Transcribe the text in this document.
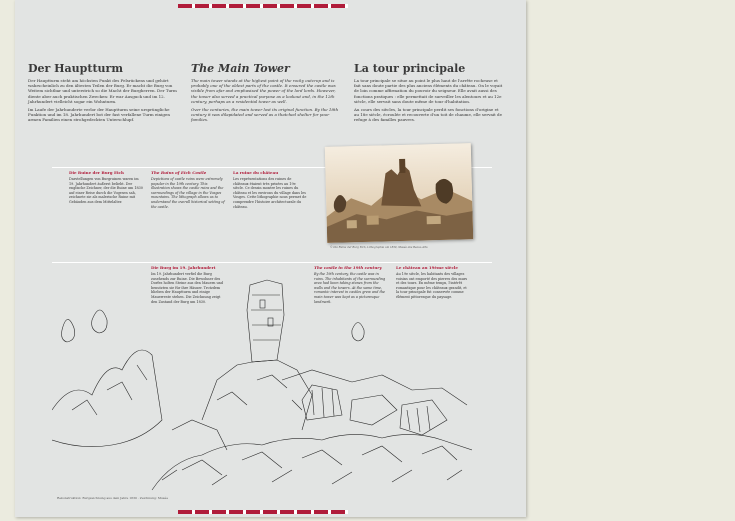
Der Hauptturm

Der Hauptturm steht am höchsten Punkt des Felsrückens und gehört wahrscheinlich zu den ältesten Teilen der Burg. Er macht die Burg von Weitem sichtbar und unterstrich so die Macht der Burgherren. Der Turm diente aber auch praktischen Zwecken: Er war Ausguck und im 12. Jahrhundert vielleicht sogar ein Wohnturm.

Im Laufe der Jahrhunderte verlor der Hauptturm seine ursprüngliche Funktion und im 18. Jahrhundert bot der fast verfallene Turm einigen armen Familien einen strohgedeckten Unterschlupf.

The Main Tower

The main tower stands at the highest point of the rocky outcrop and is probably one of the oldest parts of the castle. It ensured the castle was visible from afar and emphasised the power of the lord lords. However, the tower also served a practical purpose as a lookout and, in the 12th century, perhaps as a residential tower as well.

Over the centuries, the main tower lost its original function. By the 18th century it was dilapidated and served as a thatched shelter for poor families.

La tour principale

La tour principale se situe au point le plus haut de l'arrête rocheuse et fait sans doute partie des plus anciens éléments du château. On le voyait de loin comme affirmation du pouvoir du seigneur. Elle avait aussi des fonctions pratiques : elle permettait de surveiller les alentours et au 12e siècle, elle servait sans doute même de tour d'habitation.

Au cours des siècles, la tour principale perdit ses fonctions d'origine et au 18e siècle, écroulée et recouverte d'un toit de chaume, elle servait de refuge à des familles pauvres.

Die Ruine der Burg Eich

Darstellungen von Burgruinen waren im 19. Jahrhundert äußerst beliebt. Der englische Zeichner, der die Ruine um 1830 auf einer Reise durch die Vogesen sah, zeichnete sie als malerische Ruine mit Gebäuden aus dem Mittelalter.

The Ruins of Eich Castle

Depictions of castle ruins were extremely popular in the 19th century. This illustration shows the castle ruins and the surroundings of the village in the Vosges mountains. The lithograph allows us to understand the overall historical setting of the castle.

La ruine du château

Les représentations des ruines de châteaux étaient très prisées au 19e siècle. Ce dessin montre les ruines du château et les environs du village dans les Vosges. Cette lithographie nous permet de comprendre l'histoire architecturale du château.

© Die Ruine der Burg Eich, Lithographie um 1830, Musée des Beaux-Arts
Die Burg im 19. Jahrhundert

Im 19. Jahrhundert verfiel die Burg zusehends zur Ruine. Die Bewohner des Dorfes holten Steine aus den Mauern und benutzten sie für ihre Häuser. Trotzdem blieben der Hauptturm und einige Mauerreste stehen. Die Zeichnung zeigt den Zustand der Burg um 1830.

The castle in the 19th century

By the 19th century, the castle was in ruins. The inhabitants of the surrounding area had been taking stones from the walls and the towers. At the same time, romantic interest in castles grew and the main tower was kept as a picturesque landmark.

Le château au 19ème siècle

Au 19e siècle, les habitants des villages voisins ont emporté des pierres des murs et des tours. En même temps, l'intérêt romantique pour les châteaux grandit, et la tour principale fut conservée comme élément pittoresque du paysage.

Rekonstruktion: Burgzeichnung aus dem Jahre 1830 · Zeichnung: Musée
